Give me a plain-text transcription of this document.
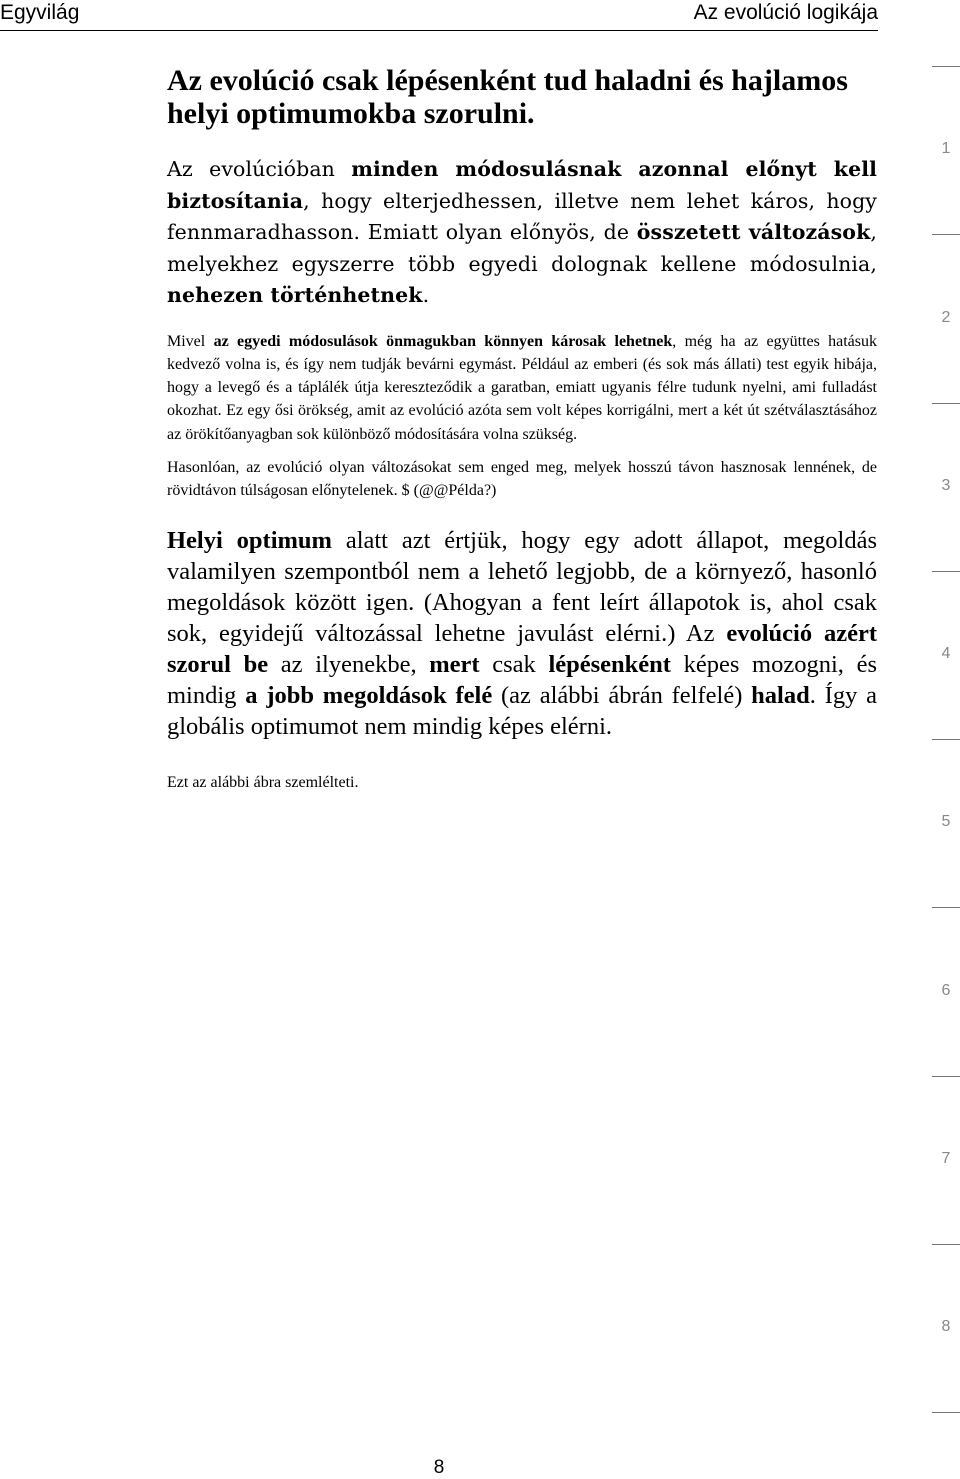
Egyvilág	Az evolúció logikája
Az evolúció csak lépésenként tud haladni és hajlamos helyi optimumokba szorulni.

Az evolúcióban minden módosulásnak azonnal előnyt kell biztosítania, hogy elterjedhessen, illetve nem lehet káros, hogy fennmaradhasson. Emiatt olyan előnyös, de összetett változások, melyekhez egyszerre több egyedi dolognak kellene módosulnia, nehezen történhetnek.

Mivel az egyedi módosulások önmagukban könnyen károsak lehetnek, még ha az együttes hatásuk kedvező volna is, és így nem tudják bevárni egymást. Például az emberi (és sok más állati) test egyik hibája, hogy a levegő és a táplálék útja kereszteződik a garatban, emiatt ugyanis félre tudunk nyelni, ami fulladást okozhat. Ez egy ősi örökség, amit az evolúció azóta sem volt képes korrigálni, mert a két út szétválasztásához az örökítőanyagban sok különböző módosítására volna szükség.

Hasonlóan, az evolúció olyan változásokat sem enged meg, melyek hosszú távon hasznosak lennének, de rövidtávon túlságosan előnytelenek. $ (@@Példa?)

Helyi optimum alatt azt értjük, hogy egy adott állapot, megoldás valamilyen szempontból nem a lehető legjobb, de a környező, hasonló megoldások között igen. (Ahogyan a fent leírt állapotok is, ahol csak sok, egyidejű változással lehetne javulást elérni.) Az evolúció azért szorul be az ilyenekbe, mert csak lépésenként képes mozogni, és mindig a jobb megoldások felé (az alábbi ábrán felfelé) halad. Így a globális optimumot nem mindig képes elérni.

Ezt az alábbi ábra szemlélteti.

1
2
3
4
5
6
7
8
8
